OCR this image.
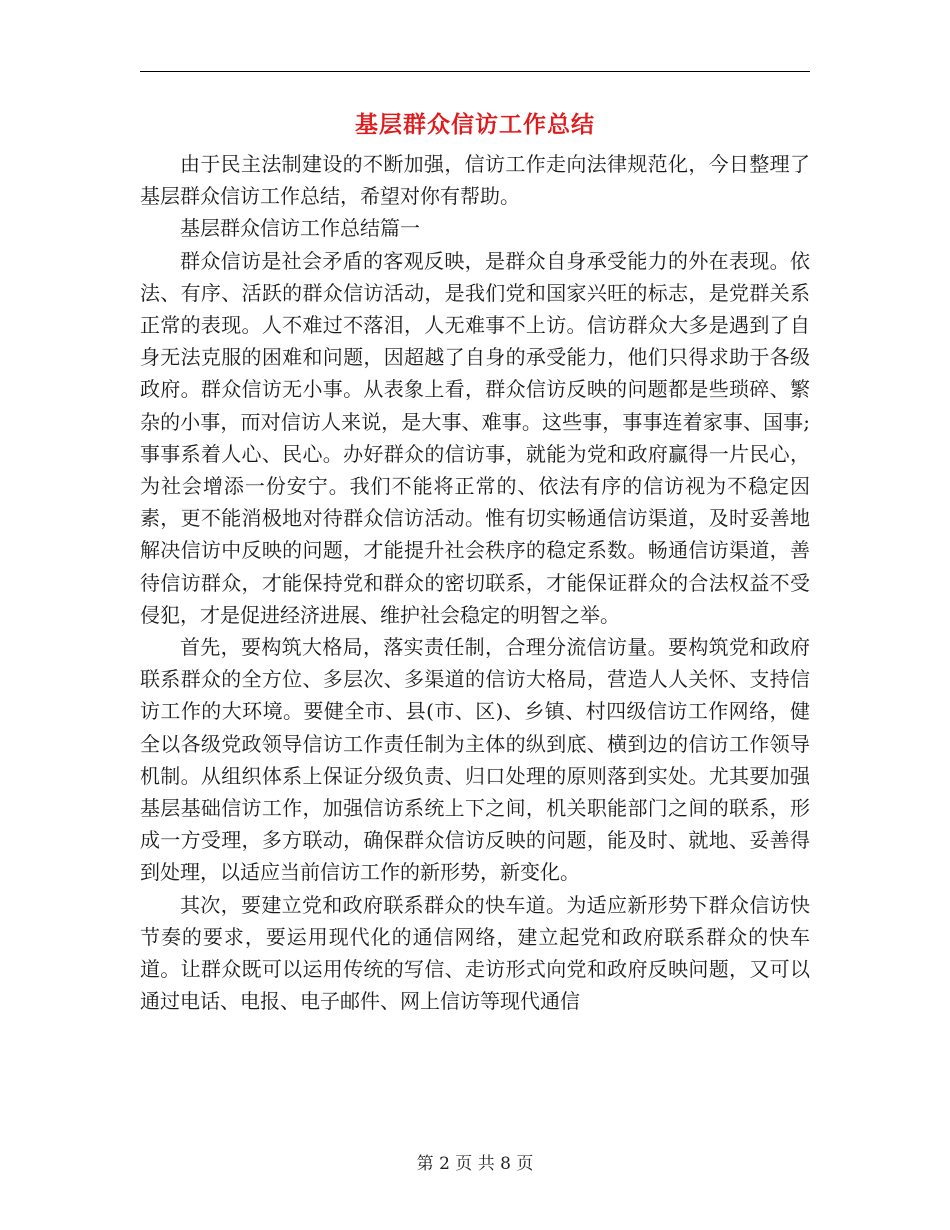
基层群众信访工作总结

由于民主法制建设的不断加强，信访工作走向法律规范化，今日整理了基层群众信访工作总结，希望对你有帮助。

基层群众信访工作总结篇一

群众信访是社会矛盾的客观反映，是群众自身承受能力的外在表现。依法、有序、活跃的群众信访活动，是我们党和国家兴旺的标志，是党群关系正常的表现。人不难过不落泪，人无难事不上访。信访群众大多是遇到了自身无法克服的困难和问题，因超越了自身的承受能力，他们只得求助于各级政府。群众信访无小事。从表象上看，群众信访反映的问题都是些琐碎、繁杂的小事，而对信访人来说，是大事、难事。这些事，事事连着家事、国事;事事系着人心、民心。办好群众的信访事，就能为党和政府赢得一片民心，为社会增添一份安宁。我们不能将正常的、依法有序的信访视为不稳定因素，更不能消极地对待群众信访活动。惟有切实畅通信访渠道，及时妥善地解决信访中反映的问题，才能提升社会秩序的稳定系数。畅通信访渠道，善待信访群众，才能保持党和群众的密切联系，才能保证群众的合法权益不受侵犯，才是促进经济进展、维护社会稳定的明智之举。

首先，要构筑大格局，落实责任制，合理分流信访量。要构筑党和政府联系群众的全方位、多层次、多渠道的信访大格局，营造人人关怀、支持信访工作的大环境。要健全市、县(市、区)、乡镇、村四级信访工作网络，健全以各级党政领导信访工作责任制为主体的纵到底、横到边的信访工作领导机制。从组织体系上保证分级负责、归口处理的原则落到实处。尤其要加强基层基础信访工作，加强信访系统上下之间，机关职能部门之间的联系，形成一方受理，多方联动，确保群众信访反映的问题，能及时、就地、妥善得到处理，以适应当前信访工作的新形势，新变化。

其次，要建立党和政府联系群众的快车道。为适应新形势下群众信访快节奏的要求，要运用现代化的通信网络，建立起党和政府联系群众的快车道。让群众既可以运用传统的写信、走访形式向党和政府反映问题，又可以通过电话、电报、电子邮件、网上信访等现代通信

第 2 页 共 8 页
